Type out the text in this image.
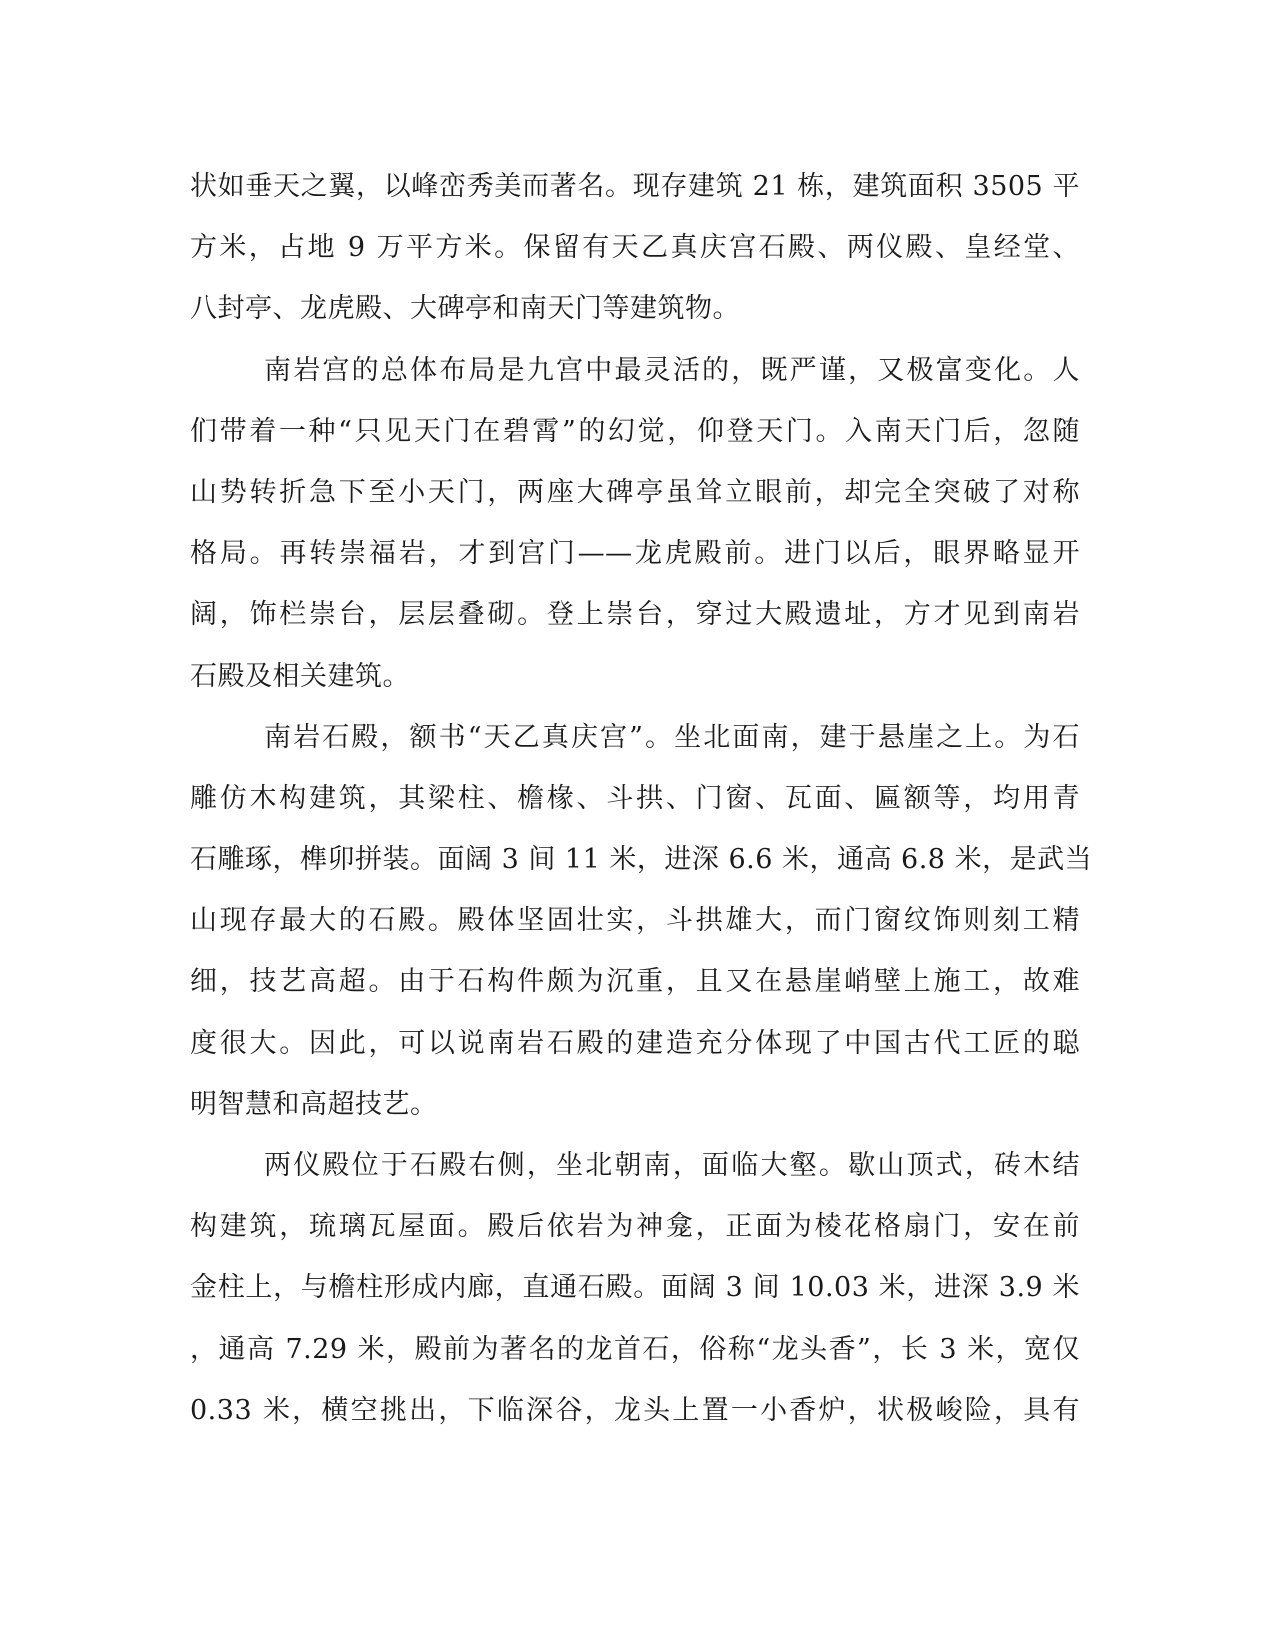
状如垂天之翼，以峰峦秀美而著名。现存建筑 21 栋，建筑面积 3505 平
方米，占地 9 万平方米。保留有天乙真庆宫石殿、两仪殿、皇经堂、
八封亭、龙虎殿、大碑亭和南天门等建筑物。
南岩宫的总体布局是九宫中最灵活的，既严谨，又极富变化。人
们带着一种“只见天门在碧霄”的幻觉，仰登天门。入南天门后，忽随
山势转折急下至小天门，两座大碑亭虽耸立眼前，却完全突破了对称
格局。再转崇福岩，才到宫门——龙虎殿前。进门以后，眼界略显开
阔，饰栏崇台，层层叠砌。登上崇台，穿过大殿遗址，方才见到南岩
石殿及相关建筑。
南岩石殿，额书“天乙真庆宫”。坐北面南，建于悬崖之上。为石
雕仿木构建筑，其梁柱、檐椽、斗拱、门窗、瓦面、匾额等，均用青
石雕琢，榫卯拼装。面阔 3 间 11 米，进深 6.6 米，通高 6.8 米，是武当
山现存最大的石殿。殿体坚固壮实，斗拱雄大，而门窗纹饰则刻工精
细，技艺高超。由于石构件颇为沉重，且又在悬崖峭壁上施工，故难
度很大。因此，可以说南岩石殿的建造充分体现了中国古代工匠的聪
明智慧和高超技艺。
两仪殿位于石殿右侧，坐北朝南，面临大壑。歇山顶式，砖木结
构建筑，琉璃瓦屋面。殿后依岩为神龛，正面为棱花格扇门，安在前
金柱上，与檐柱形成内廊，直通石殿。面阔 3 间 10.03 米，进深 3.9 米
，通高 7.29 米，殿前为著名的龙首石，俗称“龙头香”，长 3 米，宽仅
0.33 米，横空挑出，下临深谷，龙头上置一小香炉，状极峻险，具有
